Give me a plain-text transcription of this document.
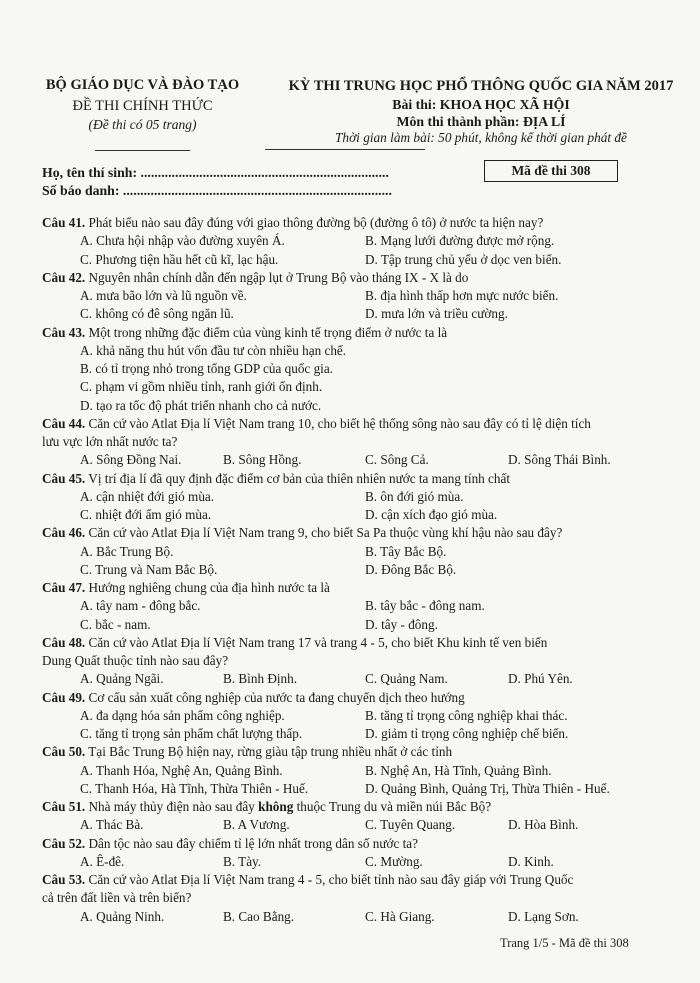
BỘ GIÁO DỤC VÀ ĐÀO TẠO
ĐỀ THI CHÍNH THỨC
(Đề thi có 05 trang)
KỲ THI TRUNG HỌC PHỔ THÔNG QUỐC GIA NĂM 2017
Bài thi: KHOA HỌC XÃ HỘI
Môn thi thành phần: ĐỊA LÍ
Thời gian làm bài: 50 phút, không kể thời gian phát đề
Họ, tên thí sinh: ........................................................................
Số báo danh: ..............................................................................
Mã đề thi 308
Câu 41. Phát biểu nào sau đây đúng với giao thông đường bộ (đường ô tô) ở nước ta hiện nay?
A. Chưa hội nhập vào đường xuyên Á.	B. Mạng lưới đường được mở rộng.
C. Phương tiện hầu hết cũ kĩ, lạc hậu.	D. Tập trung chủ yếu ở dọc ven biển.
Câu 42. Nguyên nhân chính dẫn đến ngập lụt ở Trung Bộ vào tháng IX - X là do
A. mưa bão lớn và lũ nguồn về.	B. địa hình thấp hơn mực nước biển.
C. không có đê sông ngăn lũ.	D. mưa lớn và triều cường.
Câu 43. Một trong những đặc điểm của vùng kinh tế trọng điểm ở nước ta là
A. khả năng thu hút vốn đầu tư còn nhiều hạn chế.
B. có tỉ trọng nhỏ trong tổng GDP của quốc gia.
C. phạm vi gồm nhiều tỉnh, ranh giới ổn định.
D. tạo ra tốc độ phát triển nhanh cho cả nước.
Câu 44. Căn cứ vào Atlat Địa lí Việt Nam trang 10, cho biết hệ thống sông nào sau đây có tỉ lệ diện tích
lưu vực lớn nhất nước ta?
A. Sông Đồng Nai.	B. Sông Hồng.	C. Sông Cả.	D. Sông Thái Bình.
Câu 45. Vị trí địa lí đã quy định đặc điểm cơ bản của thiên nhiên nước ta mang tính chất
A. cận nhiệt đới gió mùa.	B. ôn đới gió mùa.
C. nhiệt đới ẩm gió mùa.	D. cận xích đạo gió mùa.
Câu 46. Căn cứ vào Atlat Địa lí Việt Nam trang 9, cho biết Sa Pa thuộc vùng khí hậu nào sau đây?
A. Bắc Trung Bộ.	B. Tây Bắc Bộ.
C. Trung và Nam Bắc Bộ.	D. Đông Bắc Bộ.
Câu 47. Hướng nghiêng chung của địa hình nước ta là
A. tây nam - đông bắc.	B. tây bắc - đông nam.
C. bắc - nam.	D. tây - đông.
Câu 48. Căn cứ vào Atlat Địa lí Việt Nam trang 17 và trang 4 - 5, cho biết Khu kinh tế ven biển
Dung Quất thuộc tỉnh nào sau đây?
A. Quảng Ngãi.	B. Bình Định.	C. Quảng Nam.	D. Phú Yên.
Câu 49. Cơ cấu sản xuất công nghiệp của nước ta đang chuyển dịch theo hướng
A. đa dạng hóa sản phẩm công nghiệp.	B. tăng tỉ trọng công nghiệp khai thác.
C. tăng tỉ trọng sản phẩm chất lượng thấp.	D. giảm tỉ trọng công nghiệp chế biến.
Câu 50. Tại Bắc Trung Bộ hiện nay, rừng giàu tập trung nhiều nhất ở các tỉnh
A. Thanh Hóa, Nghệ An, Quảng Bình.	B. Nghệ An, Hà Tĩnh, Quảng Bình.
C. Thanh Hóa, Hà Tĩnh, Thừa Thiên - Huế.	D. Quảng Bình, Quảng Trị, Thừa Thiên - Huế.
Câu 51. Nhà máy thủy điện nào sau đây không thuộc Trung du và miền núi Bắc Bộ?
A. Thác Bà.	B. A Vương.	C. Tuyên Quang.	D. Hòa Bình.
Câu 52. Dân tộc nào sau đây chiếm tỉ lệ lớn nhất trong dân số nước ta?
A. Ê-đê.	B. Tày.	C. Mường.	D. Kinh.
Câu 53. Căn cứ vào Atlat Địa lí Việt Nam trang 4 - 5, cho biết tỉnh nào sau đây giáp với Trung Quốc
cả trên đất liền và trên biển?
A. Quảng Ninh.	B. Cao Bằng.	C. Hà Giang.	D. Lạng Sơn.
Trang 1/5 - Mã đề thi 308
